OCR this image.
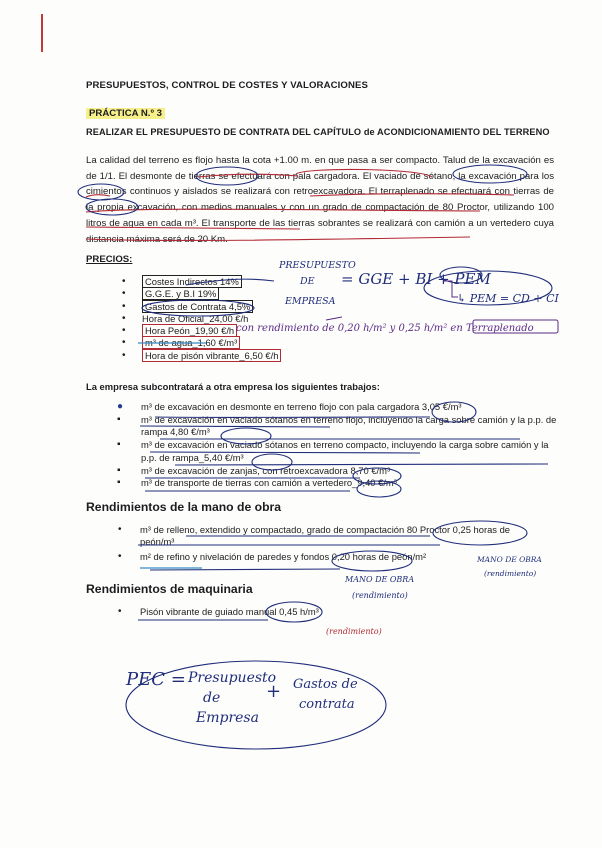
PRESUPUESTOS, CONTROL DE COSTES Y VALORACIONES
PRÁCTICA N.º 3
REALIZAR EL PRESUPUESTO DE CONTRATA DEL CAPÍTULO de ACONDICIONAMIENTO DEL TERRENO
La calidad del terreno es flojo hasta la cota +1.00 m. en que pasa a ser compacto. Talud de la excavación es de 1/1. El desmonte de tierras se efectuará con pala cargadora. El vaciado de sótano, la excavación para los cimientos continuos y aislados se realizará con retroexcavadora. El terraplenado se efectuará con tierras de la propia excavación, con medios manuales y con un grado de compactación de 80 Proctor, utilizando 100 litros de agua en cada m³. El transporte de las tierras sobrantes se realizará con camión a un vertedero cuya distancia máxima será de 20 Km.
PRECIOS:
• Costes Indirectos 14%
• G.G.E. y B.I 19%
• Gastos de Contrata 4,5%
• Hora de Oficial_24,00 €/h
• Hora Peón_19,90 €/h
• m³ de agua_1,60 €/m³
• Hora de pisón vibrante_6,50 €/h
La empresa subcontratará a otra empresa los siguientes trabajos:
● m³ de excavación en desmonte en terreno flojo con pala cargadora 3,05 €/m³
▪ m³ de excavación en vaciado sótanos en terreno flojo, incluyendo la carga sobre camión y la p.p. de rampa 4,80 €/m³
▪ m³ de excavación en vaciado sótanos en terreno compacto, incluyendo la carga sobre camión y la p.p. de rampa_5,40 €/m³
▪ m³ de excavación de zanjas, con retroexcavadora 8,70 €/m³
▪ m³ de transporte de tierras con camión a vertedero_9,40 €/m³
Rendimientos de la mano de obra
• m³ de relleno, extendido y compactado, grado de compactación 80 Proctor 0,25 horas de peón/m³
• m² de refino y nivelación de paredes y fondos 0,20 horas de peón/m²
Rendimientos de maquinaria
• Pisón vibrante de guiado manual 0,45 h/m³
PRESUPUESTO
DE
EMPRESA
= GGE + BI + PEM
↳ PEM = CD + CI
con rendimiento de 0,20 h/m² y 0,25 h/m² en Terraplenado
MANO DE OBRA
(rendimiento)
MANO DE OBRA
(rendimiento)
(rendimiento)
PEC = Presupuesto
de
Empresa
+ Gastos de
contrata
